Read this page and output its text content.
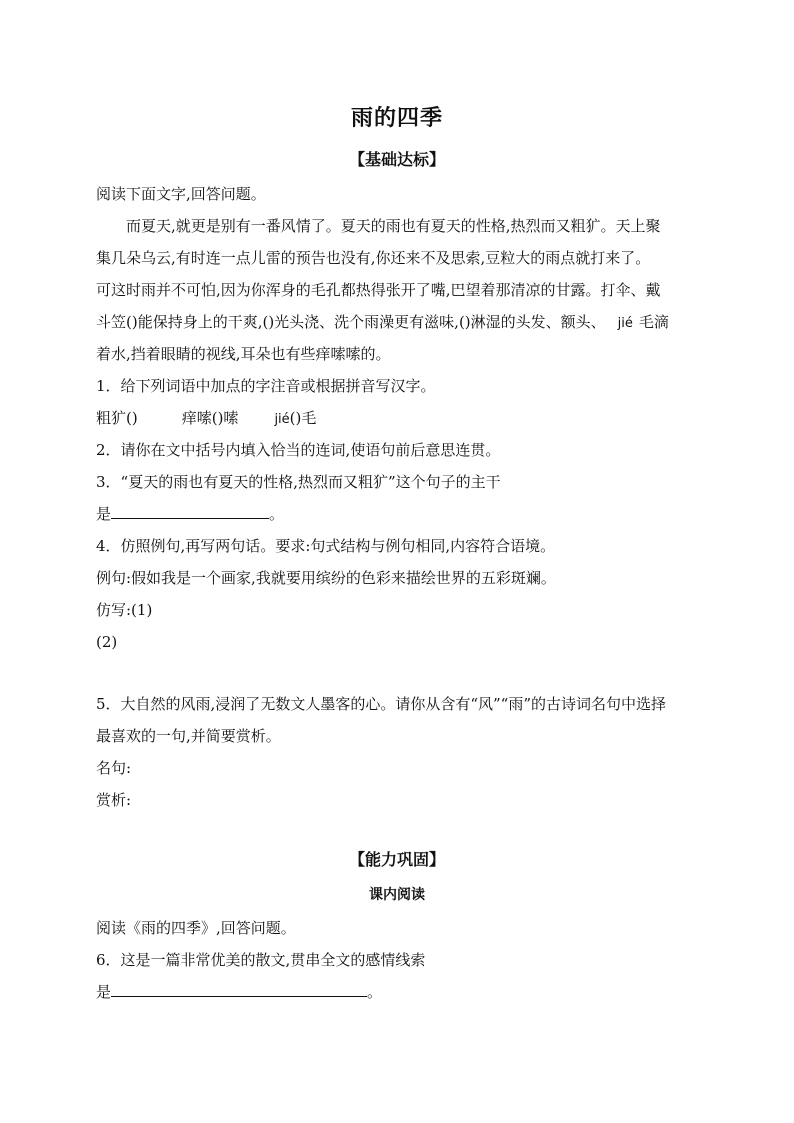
雨的四季
【基础达标】
阅读下面文字,回答问题。
而夏天,就更是别有一番风情了。夏天的雨也有夏天的性格,热烈而又粗犷。天上聚
集几朵乌云,有时连一点儿雷的预告也没有,你还来不及思索,豆粒大的雨点就打来了。
可这时雨并不可怕,因为你浑身的毛孔都热得张开了嘴,巴望着那清凉的甘露。打伞、戴
斗笠()能保持身上的干爽,()光头浇、洗个雨澡更有滋味,()淋湿的头发、额头、 jié 毛滴
着水,挡着眼睛的视线,耳朵也有些痒嗦嗦的。
1．给下列词语中加点的字注音或根据拼音写汉字。
粗犷()	痒嗦()嗦	jié()毛
2．请你在文中括号内填入恰当的连词,使语句前后意思连贯。
3．“夏天的雨也有夏天的性格,热烈而又粗犷”这个句子的主干
是	。
4．仿照例句,再写两句话。要求:句式结构与例句相同,内容符合语境。
例句:假如我是一个画家,我就要用缤纷的色彩来描绘世界的五彩斑斓。
仿写:(1)
(2)
5．大自然的风雨,浸润了无数文人墨客的心。请你从含有“风”“雨”的古诗词名句中选择
最喜欢的一句,并简要赏析。
名句:
赏析:
【能力巩固】
课内阅读
阅读《雨的四季》,回答问题。
6．这是一篇非常优美的散文,贯串全文的感情线索
是	。
